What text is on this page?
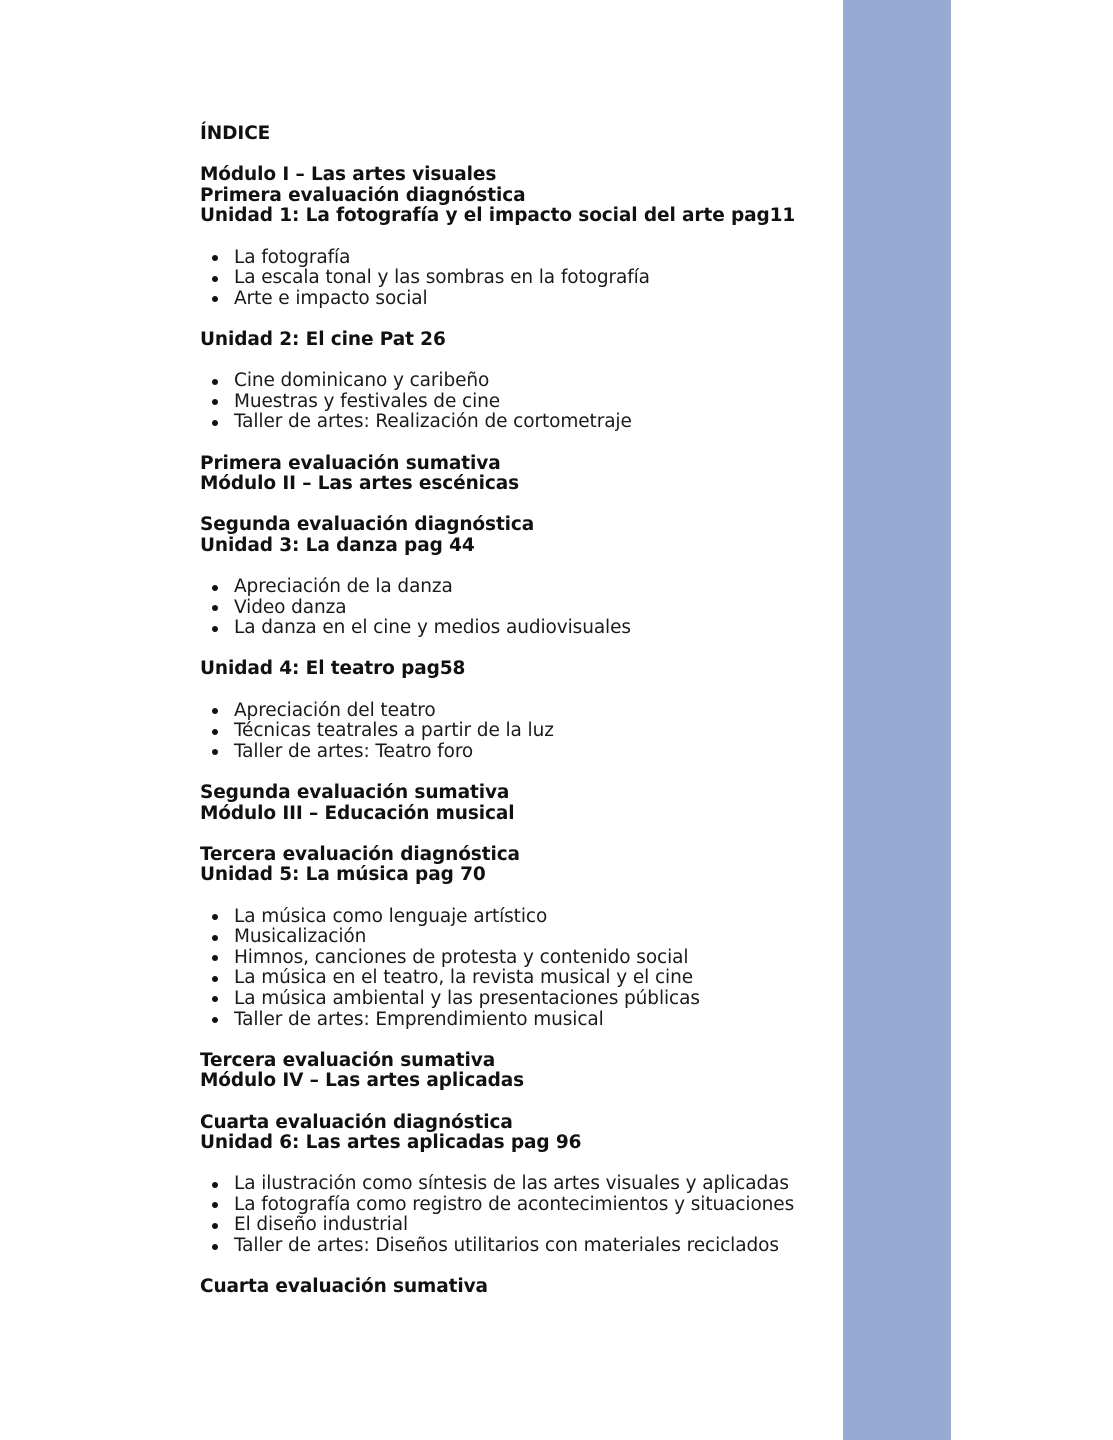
ÍNDICE

Módulo I – Las artes visuales

Primera evaluación diagnóstica

Unidad 1: La fotografía y el impacto social del arte pag11

La fotografía
La escala tonal y las sombras en la fotografía
Arte e impacto social

Unidad 2: El cine Pat 26

Cine dominicano y caribeño
Muestras y festivales de cine
Taller de artes: Realización de cortometraje

Primera evaluación sumativa

Módulo II – Las artes escénicas

Segunda evaluación diagnóstica

Unidad 3: La danza pag 44

Apreciación de la danza
Video danza
La danza en el cine y medios audiovisuales

Unidad 4: El teatro pag58

Apreciación del teatro
Técnicas teatrales a partir de la luz
Taller de artes: Teatro foro

Segunda evaluación sumativa

Módulo III – Educación musical

Tercera evaluación diagnóstica

Unidad 5: La música pag 70

La música como lenguaje artístico
Musicalización
Himnos, canciones de protesta y contenido social
La música en el teatro, la revista musical y el cine
La música ambiental y las presentaciones públicas
Taller de artes: Emprendimiento musical

Tercera evaluación sumativa

Módulo IV – Las artes aplicadas

Cuarta evaluación diagnóstica

Unidad 6: Las artes aplicadas pag 96

La ilustración como síntesis de las artes visuales y aplicadas
La fotografía como registro de acontecimientos y situaciones
El diseño industrial
Taller de artes: Diseños utilitarios con materiales reciclados

Cuarta evaluación sumativa
